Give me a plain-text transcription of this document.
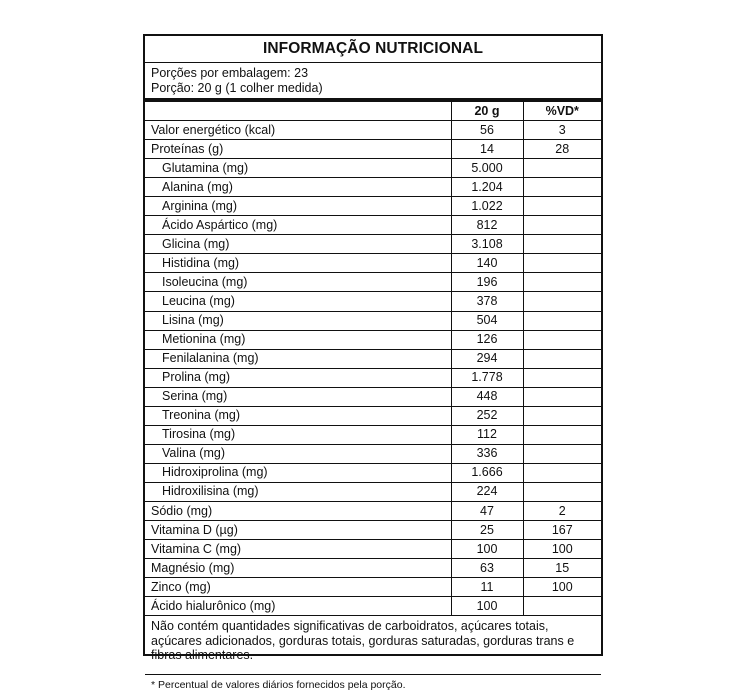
INFORMAÇÃO NUTRICIONAL
Porções por embalagem: 23
Porção: 20 g (1 colher medida)
	20 g	%VD*
Valor energético (kcal)	56	3
Proteínas (g)	14	28
Glutamina (mg)	5.000	
Alanina (mg)	1.204	
Arginina (mg)	1.022	
Ácido Aspártico (mg)	812	
Glicina (mg)	3.108	
Histidina (mg)	140	
Isoleucina (mg)	196	
Leucina (mg)	378	
Lisina (mg)	504	
Metionina (mg)	126	
Fenilalanina (mg)	294	
Prolina (mg)	1.778	
Serina (mg)	448	
Treonina (mg)	252	
Tirosina (mg)	112	
Valina (mg)	336	
Hidroxiprolina (mg)	1.666	
Hidroxilisina (mg)	224	
Sódio (mg)	47	2
Vitamina D (µg)	25	167
Vitamina C (mg)	100	100
Magnésio (mg)	63	15
Zinco (mg)	11	100
Ácido hialurônico (mg)	100	
Não contém quantidades significativas de carboidratos, açúcares totais, açúcares adicionados, gorduras totais, gorduras saturadas, gorduras trans e fibras alimentares.
* Percentual de valores diários fornecidos pela porção.
